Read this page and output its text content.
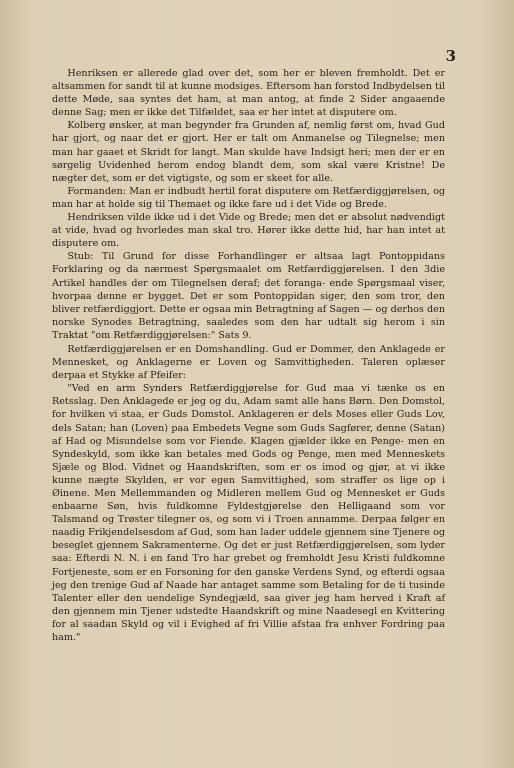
3

Henriksen er allerede glad over det, som her er bleven fremholdt. Det er altsammen for sandt til at kunne modsiges. Eftersom han forstod Indbydelsen til dette Møde, saa syntes det ham, at man antog, at finde 2 Sider angaaende denne Sag; men er ikke det Tilfældet, saa er her intet at disputere om.

Kolberg ønsker, at man begynder fra Grunden af, nemlig først om, hvad Gud har gjort, og naar det er gjort. Her er talt om Anmanelse og Tilegnelse; men man har gaaet et Skridt for langt. Man skulde have Indsigt heri; men der er en sørgelig Uvidenhed herom endog blandt dem, som skal være Kristne! De nægter det, som er det vigtigste, og som er skeet for alle.

Formanden: Man er indbudt hertil forat disputere om Retfærdiggjørelsen, og man har at holde sig til Themaet og ikke fare ud i det Vide og Brede.

Hendriksen vilde ikke ud i det Vide og Brede; men det er absolut nødvendigt at vide, hvad og hvorledes man skal tro. Hører ikke dette hid, har han intet at disputere om.

Stub: Til Grund for disse Forhandlinger er altsaa lagt Pontoppidans Forklaring og da nærmest Spørgsmaalet om Retfærdiggjørelsen. I den 3die Artikel handles der om Tilegnelsen deraf; det foranga- ende Spørgsmaal viser, hvorpaa denne er bygget. Det er som Pontoppidan siger, den som tror, den bliver retfærdiggjort. Dette er ogsaa min Betragtning af Sagen — og derhos den norske Synodes Betragtning, saaledes som den har udtalt sig herom i sin Traktat "om Retfærdiggjørelsen:" Sats 9.

Retfærdiggjørelsen er en Domshandling. Gud er Dommer, den Anklagede er Mennesket, og Anklagerne er Loven og Samvittigheden. Taleren oplæser derpaa et Stykke af Pfeifer:

"Ved en arm Synders Retfærdiggjørelse for Gud maa vi tænke os en Retsslag. Den Anklagede er jeg og du, Adam samt alle hans Børn. Den Domstol, for hvilken vi staa, er Guds Domstol. Anklageren er dels Moses eller Guds Lov, dels Satan; han (Loven) paa Embedets Vegne som Guds Sagfører, denne (Satan) af Had og Misundelse som vor Fiende. Klagen gjælder ikke en Penge- men en Syndeskyld, som ikke kan betales med Gods og Penge, men med Menneskets Sjæle og Blod. Vidnet og Haandskriften, som er os imod og gjør, at vi ikke kunne nægte Skylden, er vor egen Samvittighed, som straffer os lige op i Øinene. Men Mellemmanden og Midleren mellem Gud og Mennesket er Guds enbaarne Søn, hvis fuldkomne Fyldestgjørelse den Helligaand som vor Talsmand og Trøster tilegner os, og som vi i Troen annamme. Derpaa følger en naadig Frikjendelsesdom af Gud, som han lader uddele gjennem sine Tjenere og beseglet gjennem Sakramenterne. Og det er just Retfærdiggjørelsen, som lyder saa: Efterdi N. N. i en fand Tro har grebet og fremholdt Jesu Kristi fuldkomne Fortjeneste, som er en Forsoning for den ganske Verdens Synd, og efterdi ogsaa jeg den trenige Gud af Naade har antaget samme som Betaling for de ti tusinde Talenter eller den uendelige Syndegjæld, saa giver jeg ham herved i Kraft af den gjennem min Tjener udstedte Haandskrift og mine Naadesegl en Kvittering for al saadan Skyld og vil i Evighed af fri Villie afstaa fra enhver Fordring paa ham."
